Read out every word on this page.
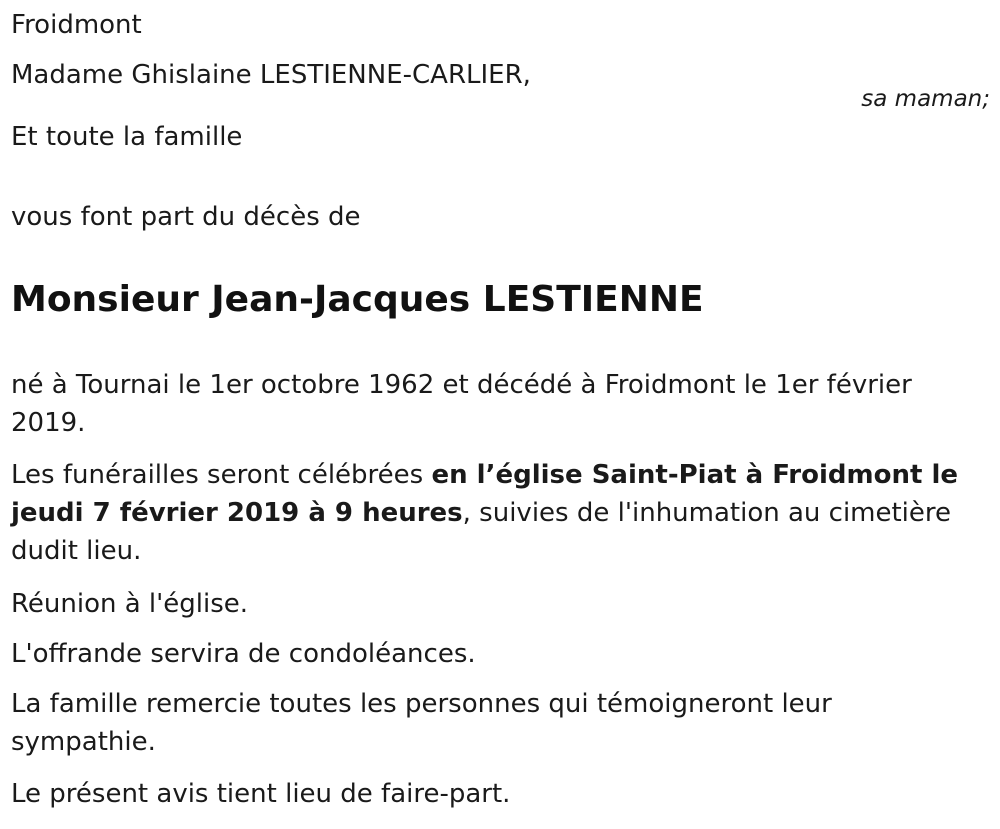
Froidmont
Madame Ghislaine LESTIENNE-CARLIER,
sa maman;
Et toute la famille
vous font part du décès de
Monsieur Jean-Jacques LESTIENNE
né à Tournai le 1er octobre 1962 et décédé à Froidmont le 1er février 2019.
Les funérailles seront célébrées en l’église Saint-Piat à Froidmont le jeudi 7 février 2019 à 9 heures, suivies de l'inhumation au cimetière dudit lieu.
Réunion à l'église.
L'offrande servira de condoléances.
La famille remercie toutes les personnes qui témoigneront leur sympathie.
Le présent avis tient lieu de faire-part.
